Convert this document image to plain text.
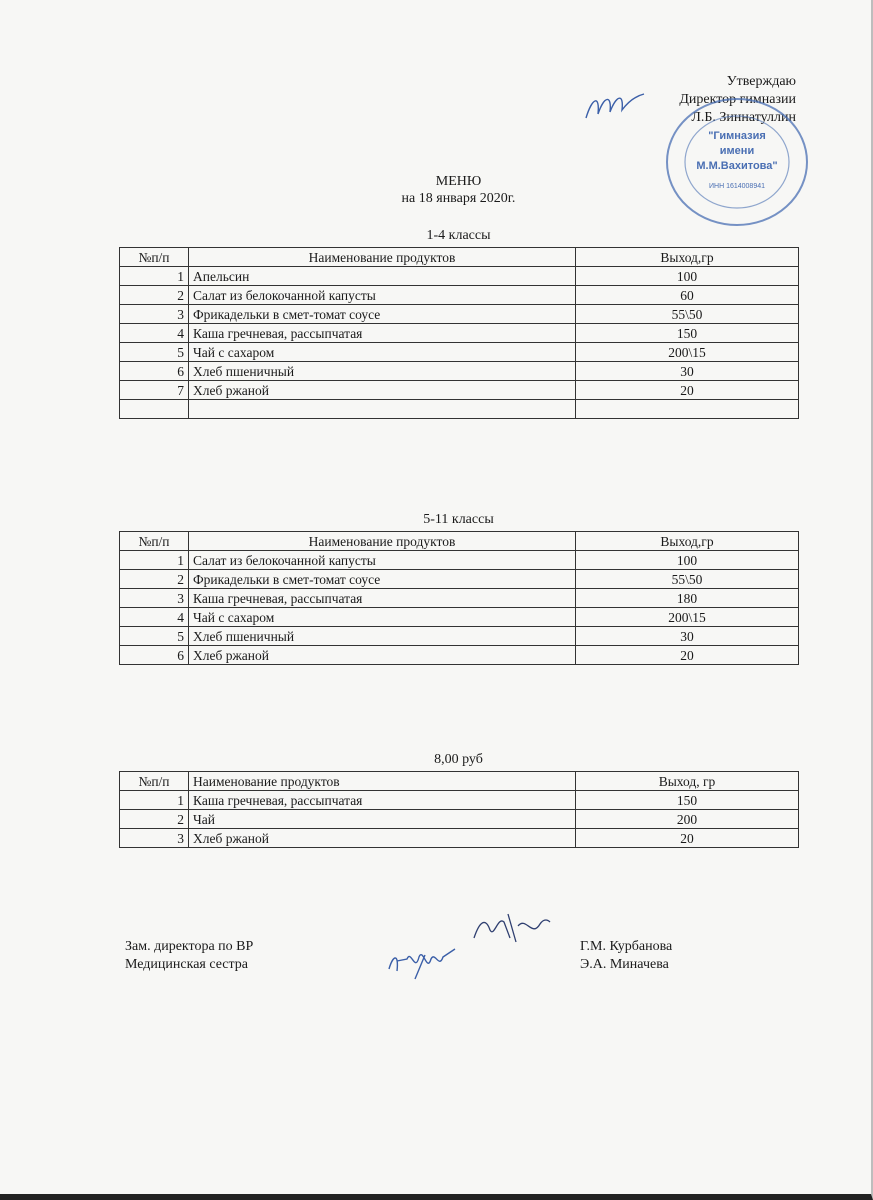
Утверждаю
Директор гимназии
Л.Б. Зиннатуллин
"Гимназия
имени
М.М.Вахитова"
ИНН 1614008941
МЕНЮ
на 18 января 2020г.
1-4 классы
№п/п	Наименование продуктов	Выход,гр
1	Апельсин	100
2	Салат из белокочанной капусты	60
3	Фрикадельки в смет-томат соусе	55\50
4	Каша гречневая, рассыпчатая	150
5	Чай с сахаром	200\15
6	Хлеб пшеничный	30
7	Хлеб ржаной	20

5-11 классы
№п/п	Наименование продуктов	Выход,гр
1	Салат из белокочанной капусты	100
2	Фрикадельки в смет-томат соусе	55\50
3	Каша гречневая, рассыпчатая	180
4	Чай с сахаром	200\15
5	Хлеб пшеничный	30
6	Хлеб ржаной	20
8,00 руб
№п/п	Наименование продуктов	Выход, гр
1	Каша гречневая, рассыпчатая	150
2	Чай	200
3	Хлеб ржаной	20
Зам. директора по ВР
Медицинская сестра
Г.М. Курбанова
Э.А. Миначева
